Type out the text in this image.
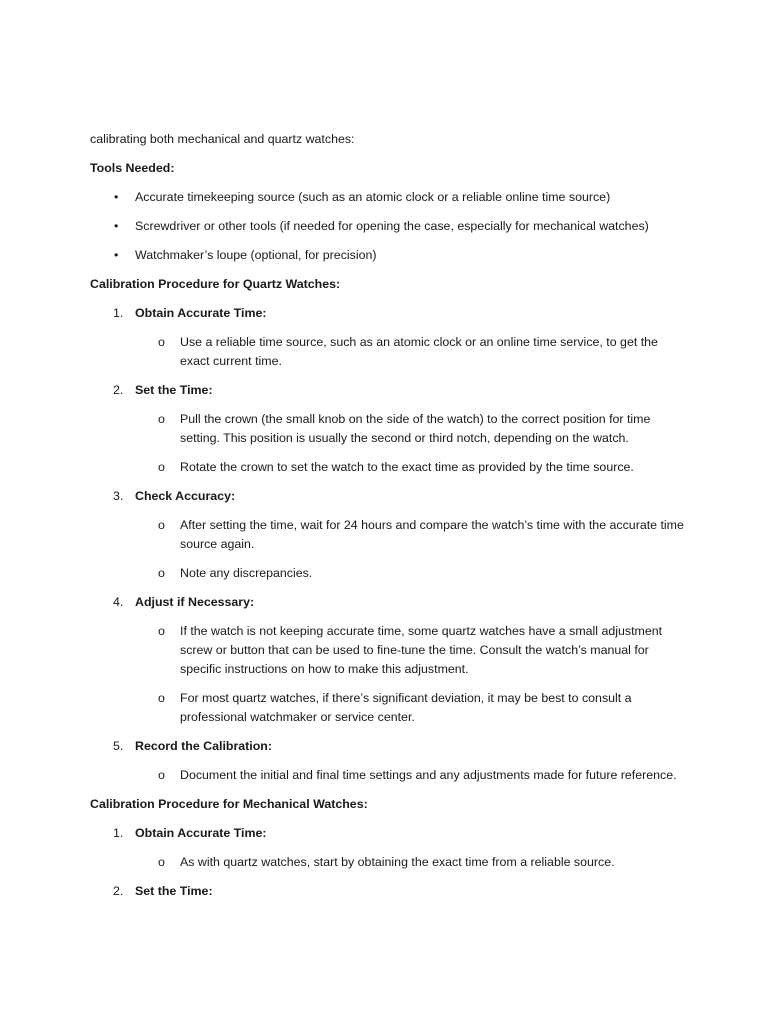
calibrating both mechanical and quartz watches:

Tools Needed:

• Accurate timekeeping source (such as an atomic clock or a reliable online time source)
• Screwdriver or other tools (if needed for opening the case, especially for mechanical watches)
• Watchmaker’s loupe (optional, for precision)

Calibration Procedure for Quartz Watches:

1. Obtain Accurate Time:
o Use a reliable time source, such as an atomic clock or an online time service, to get the exact current time.
2. Set the Time:
o Pull the crown (the small knob on the side of the watch) to the correct position for time setting. This position is usually the second or third notch, depending on the watch.
o Rotate the crown to set the watch to the exact time as provided by the time source.
3. Check Accuracy:
o After setting the time, wait for 24 hours and compare the watch’s time with the accurate time source again.
o Note any discrepancies.
4. Adjust if Necessary:
o If the watch is not keeping accurate time, some quartz watches have a small adjustment screw or button that can be used to fine-tune the time. Consult the watch’s manual for specific instructions on how to make this adjustment.
o For most quartz watches, if there’s significant deviation, it may be best to consult a professional watchmaker or service center.
5. Record the Calibration:
o Document the initial and final time settings and any adjustments made for future reference.

Calibration Procedure for Mechanical Watches:

1. Obtain Accurate Time:
o As with quartz watches, start by obtaining the exact time from a reliable source.
2. Set the Time:
